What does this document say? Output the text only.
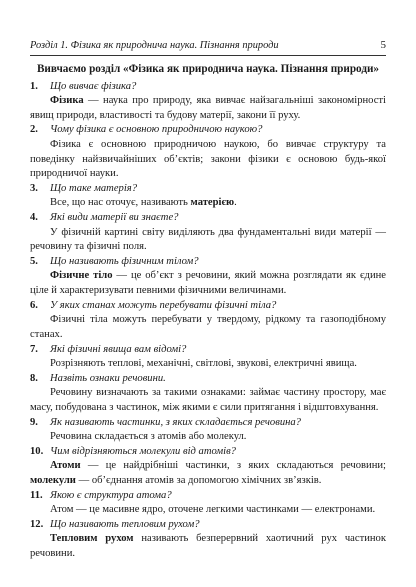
Розділ 1. Фізика як природнича наука. Пізнання природи	5
Вивчаємо розділ «Фізика як природнича наука. Пізнання природи»
1.	Що вивчає фізика?

Фізика — наука про природу, яка вивчає найзагальніші закономірності явищ природи, властивості та будову матерії, закони її руху.

2.	Чому фізика є основною природничою наукою?

Фізика є основною природничою наукою, бо вивчає структуру та поведінку найзвичайніших об’єктів; закони фізики є основою будь-якої природничої науки.

3.	Що таке матерія?

Все, що нас оточує, називають матерією.

4.	Які види матерії ви знаєте?

У фізичній картині світу виділяють два фундаментальні види матерії — речовину та фізичні поля.

5.	Що називають фізичним тілом?

Фізичне тіло — це об’єкт з речовини, який можна розглядати як єдине ціле й характеризувати певними фізичними величинами.

6.	У яких станах можуть перебувати фізичні тіла?

Фізичні тіла можуть перебувати у твердому, рідкому та газоподібному станах.

7.	Які фізичні явища вам відомі?

Розрізняють теплові, механічні, світлові, звукові, електричні явища.

8.	Назвіть ознаки речовини.

Речовину визначають за такими ознаками: займає частину простору, має масу, побудована з частинок, між якими є сили притягання і відштовхування.

9.	Як називають частинки, з яких складається речовина?

Речовина складається з атомів або молекул.

10. Чим відрізняються молекули від атомів?

Атоми — це найдрібніші частинки, з яких складаються речовини; молекули — об’єднання атомів за допомогою хімічних зв’язків.

11. Якою є структура атома?

Атом — це масивне ядро, оточене легкими частинками — електронами.

12. Що називають тепловим рухом?

Тепловим рухом називають безперервний хаотичний рух частинок речовини.
